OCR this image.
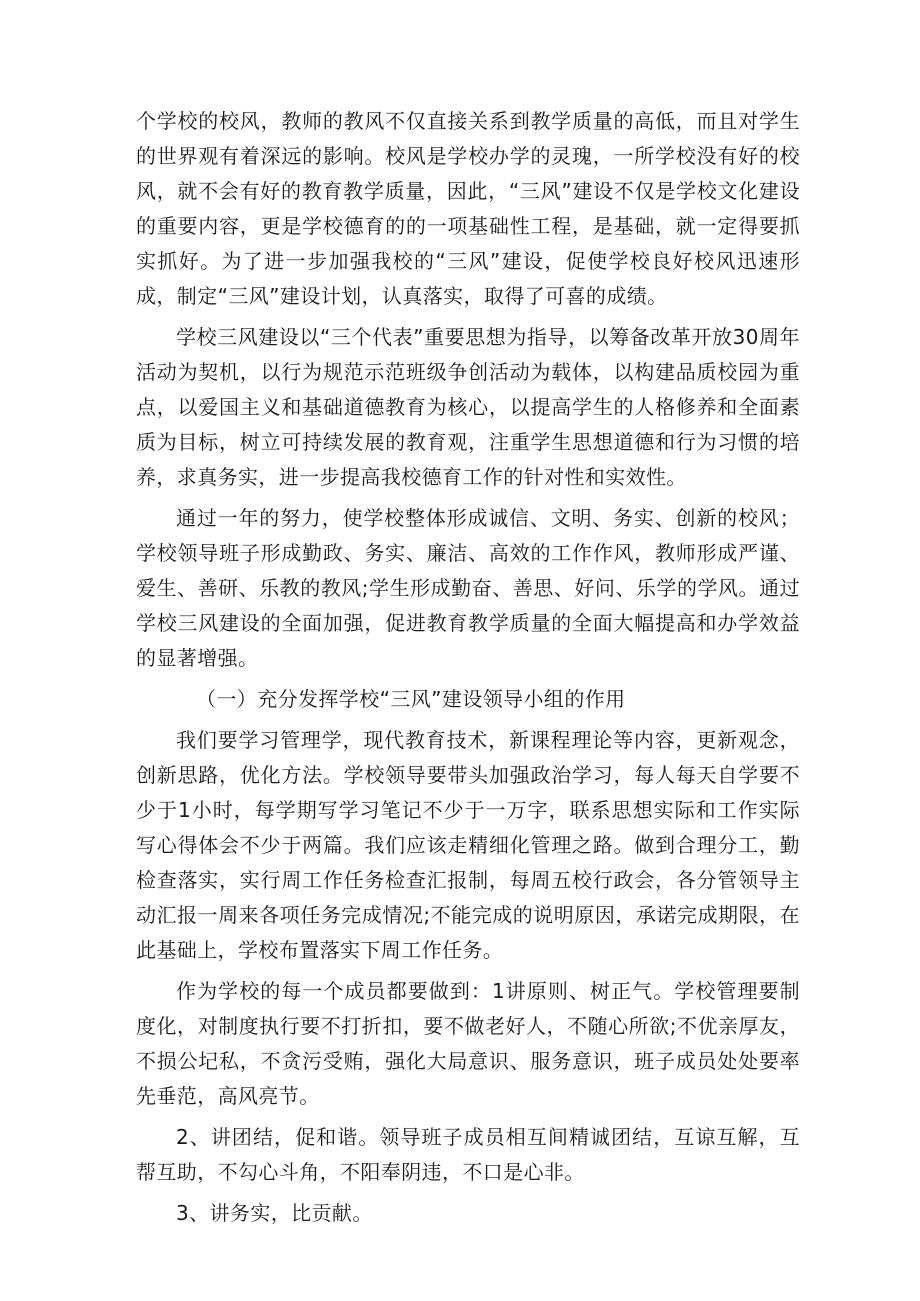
个学校的校风，教师的教风不仅直接关系到教学质量的高低，而且对学生的世界观有着深远的影响。校风是学校办学的灵瑰，一所学校没有好的校风，就不会有好的教育教学质量，因此，“三风”建设不仅是学校文化建设的重要内容，更是学校德育的的一项基础性工程，是基础，就一定得要抓实抓好。为了进一步加强我校的“三风”建设，促使学校良好校风迅速形成，制定“三风”建设计划，认真落实，取得了可喜的成绩。

学校三风建设以“三个代表”重要思想为指导，以筹备改革开放30周年活动为契机，以行为规范示范班级争创活动为载体，以构建品质校园为重点，以爱国主义和基础道德教育为核心，以提高学生的人格修养和全面素质为目标，树立可持续发展的教育观，注重学生思想道德和行为习惯的培养，求真务实，进一步提高我校德育工作的针对性和实效性。

通过一年的努力，使学校整体形成诚信、文明、务实、创新的校风；学校领导班子形成勤政、务实、廉洁、高效的工作作风，教师形成严谨、爱生、善研、乐教的教风;学生形成勤奋、善思、好问、乐学的学风。通过学校三风建设的全面加强，促进教育教学质量的全面大幅提高和办学效益的显著增强。

（一）充分发挥学校“三风”建设领导小组的作用

我们要学习管理学，现代教育技术，新课程理论等内容，更新观念，创新思路，优化方法。学校领导要带头加强政治学习，每人每天自学要不少于1小时，每学期写学习笔记不少于一万字，联系思想实际和工作实际写心得体会不少于两篇。我们应该走精细化管理之路。做到合理分工，勤检查落实，实行周工作任务检查汇报制，每周五校行政会，各分管领导主动汇报一周来各项任务完成情况;不能完成的说明原因，承诺完成期限，在此基础上，学校布置落实下周工作任务。

作为学校的每一个成员都要做到：1讲原则、树正气。学校管理要制度化，对制度执行要不打折扣，要不做老好人，不随心所欲;不优亲厚友，不损公圮私，不贪污受贿，强化大局意识、服务意识，班子成员处处要率先垂范，高风亮节。

2、讲团结，促和谐。领导班子成员相互间精诚团结，互谅互解，互帮互助，不勾心斗角，不阳奉阴违，不口是心非。

3、讲务实，比贡献。
